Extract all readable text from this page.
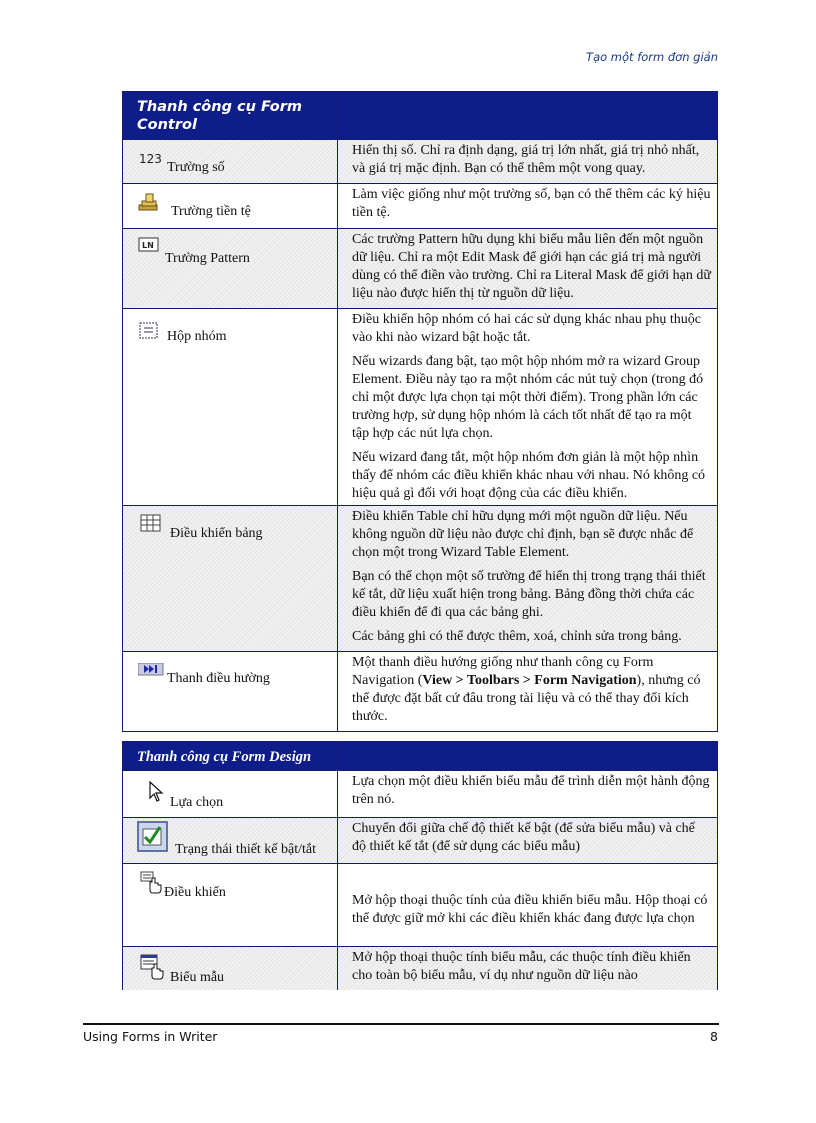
Tạo một form đơn giản
Thanh công cụ Form Control	

123
Trường số	Hiển thị số. Chỉ ra định dạng, giá trị lớn nhất, giá trị nhỏ nhất, và giá trị mặc định. Bạn có thể thêm một vong quay.

Trường tiền tệ	Làm việc giống như một trường số, bạn có thể thêm các ký hiệu tiền tệ.

LN
Trường Pattern	Các trường Pattern hữu dụng khi biểu mẫu liên đến một nguồn dữ liệu. Chỉ ra một Edit Mask để giới hạn các giá trị mà người dùng có thể điền vào trường. Chỉ ra Literal Mask để giới hạn dữ liệu nào được hiển thị từ nguồn dữ liệu.

Hộp nhóm	Điều khiển hộp nhóm có hai các sử dụng khác nhau phụ thuộc vào khi nào wizard bật hoặc tắt.

Nếu wizards đang bật, tạo một hộp nhóm mở ra wizard Group Element. Điều này tạo ra một nhóm các nút tuỳ chọn (trong đó chỉ một được lựa chọn tại một thời điểm). Trong phần lớn các trường hợp, sử dụng hộp nhóm là cách tốt nhất để tạo ra một tập hợp các nút lựa chọn.

Nếu wizard đang tắt, một hộp nhóm đơn giản là một hộp nhìn thấy để nhóm các điều khiển khác nhau với nhau. Nó không có hiệu quả gì đối với hoạt động của các điều khiển.

Điều khiển bảng	Điều khiển Table chỉ hữu dụng mới một nguồn dữ liệu. Nếu không nguồn dữ liệu nào được chỉ định, bạn sẽ được nhắc để chọn một trong Wizard Table Element.

Bạn có thể chọn một số trường để hiển thị trong trạng thái thiết kế tắt, dữ liệu xuất hiện trong bảng. Bảng đồng thời chứa các điều khiển để đi qua các bảng ghi.

Các bảng ghi có thể được thêm, xoá, chỉnh sửa trong bảng.

Thanh điều hường	Một thanh điều hướng giống như thanh công cụ Form Navigation (View > Toolbars > Form Navigation), nhưng có thể được đặt bất cứ đâu trong tài liệu và có thể thay đổi kích thước.

Thanh công cụ Form Design	

Lựa chọn	Lựa chọn một điều khiển biểu mẫu để trình diễn một hành động trên nó.

Trạng thái thiết kế bật/tắt	Chuyển đổi giữa chế độ thiết kế bật (để sửa biểu mẫu) và chế độ thiết kế tắt (để sử dụng các biểu mẫu)

Điều khiển	Mở hộp thoại thuộc tính của điều khiển biểu mẫu. Hộp thoại có thể được giữ mở khi các điều khiển khác đang được lựa chọn

Biểu mẫu	Mở hộp thoại thuộc tính biểu mẫu, các thuộc tính điều khiển cho toàn bộ biểu mẫu, ví dụ như nguồn dữ liệu nào

Using Forms in Writer	8
